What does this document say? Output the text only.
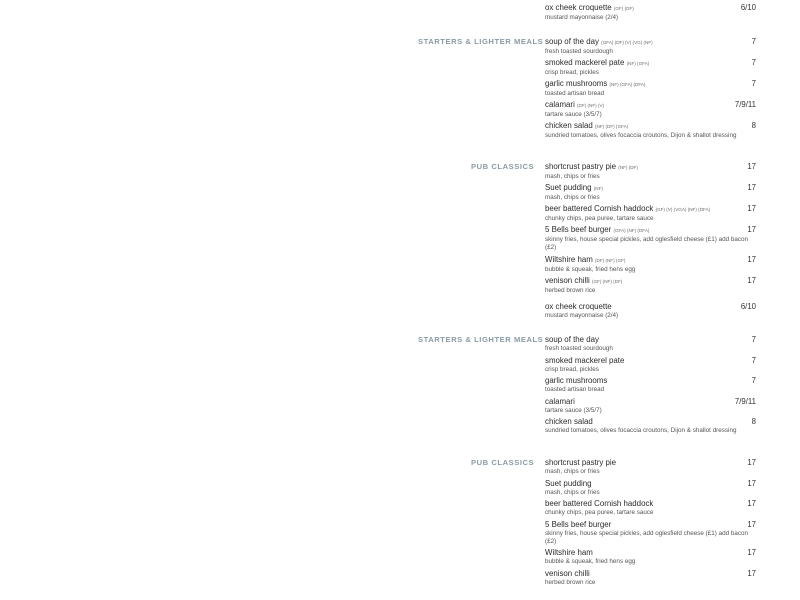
ox cheek croquette (GF) (DF)
mustard mayonnaise (2/4)
6/10
STARTERS & LIGHTER MEALS soup of the day (GFA) (DF) (V) (VG) (NF)
fresh toasted sourdough
7
smoked mackerel pate (NF) (GFA)
crisp bread, pickles
7
garlic mushrooms (NF) (GFA) (DFA)
toasted artisan bread
7
calamari (DF) (NF) (V)
tartare sauce (3/5/7)
7/9/11
chicken salad (NF) (DF) (GFA)
sundried tomatoes, olives focaccia croutons, Dijon & shallot dressing
8
PUB CLASSICS shortcrust pastry pie (NF) (DF)
mash, chips or fries
17
Suet pudding (NF)
mash, chips or fries
17
beer battered Cornish haddock (GF) (V) (VGA) (NF) (DFA)
chunky chips, pea puree, tartare sauce
17
5 Bells beef burger (GFA) (NF) (DFA)
skinny fries, house special pickles, add oglesfield cheese (£1) add bacon (£2)
17
Wiltshire ham (DF) (NF) (GF)
bubble & squeak, fried hens egg
17
venison chilli (GF) (NF) (DF)
herbed brown rice
17
ox cheek croquette
mustard mayonnaise (2/4)
6/10
STARTERS & LIGHTER MEALS soup of the day
fresh toasted sourdough
7
smoked mackerel pate
crisp bread, pickles
7
garlic mushrooms
toasted artisan bread
7
calamari
tartare sauce (3/5/7)
7/9/11
chicken salad
sundried tomatoes, olives focaccia croutons, Dijon & shallot dressing
8
PUB CLASSICS shortcrust pastry pie
mash, chips or fries
17
Suet pudding
mash, chips or fries
17
beer battered Cornish haddock
chunky chips, pea puree, tartare sauce
17
5 Bells beef burger
skinny fries, house special pickles, add oglesfield cheese (£1) add bacon (£2)
17
Wiltshire ham
bubble & squeak, fried hens egg
17
venison chilli
herbed brown rice
17
